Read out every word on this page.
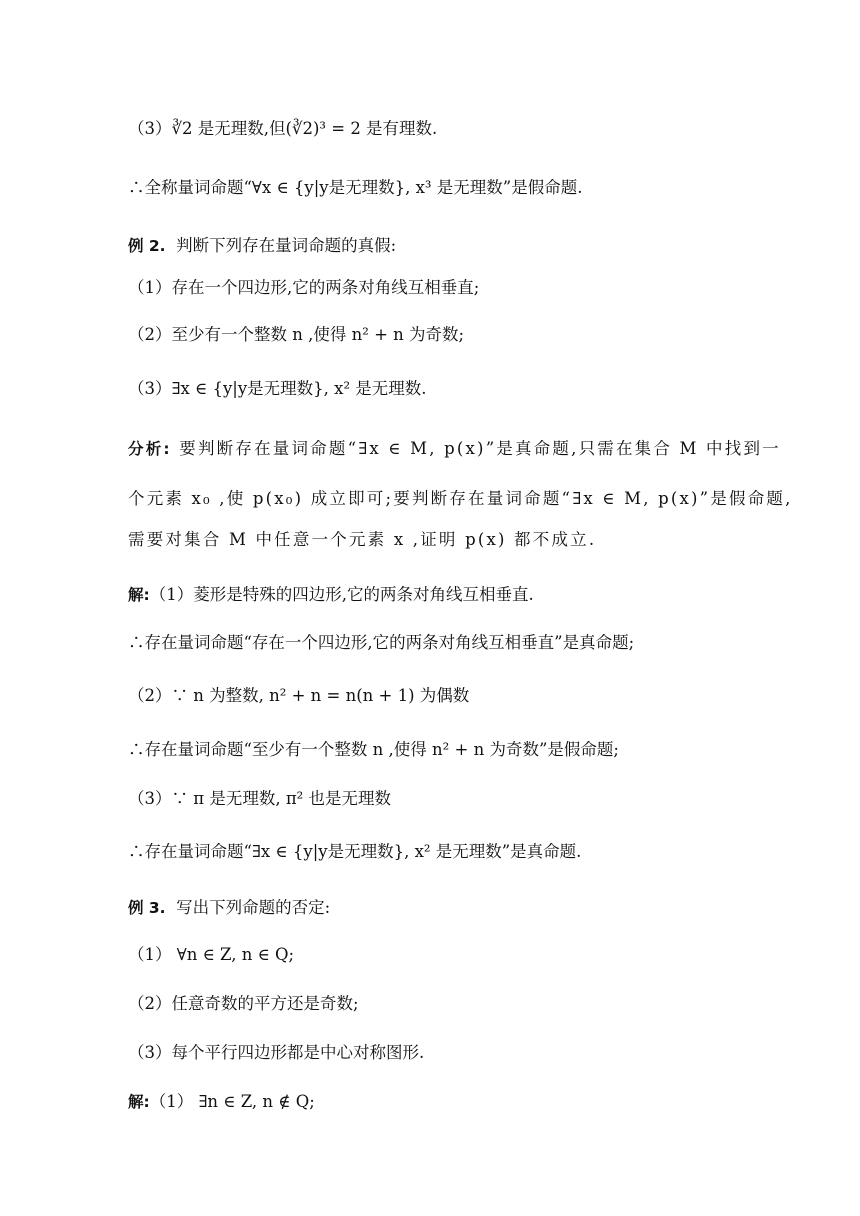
（3）∛2 是无理数,但(∛2)³ = 2 是有理数.
∴全称量词命题“∀x ∈ {y|y是无理数}, x³ 是无理数”是假命题.
例 2. 判断下列存在量词命题的真假:
（1）存在一个四边形,它的两条对角线互相垂直;
（2）至少有一个整数 n ,使得 n² + n 为奇数;
（3）∃x ∈ {y|y是无理数}, x² 是无理数.
分析: 要判断存在量词命题“∃x ∈ M, p(x)”是真命题,只需在集合 M 中找到一
个元素 x₀ ,使 p(x₀) 成立即可;要判断存在量词命题“∃x ∈ M, p(x)”是假命题,
需要对集合 M 中任意一个元素 x ,证明 p(x) 都不成立.
解:（1）菱形是特殊的四边形,它的两条对角线互相垂直.
∴存在量词命题“存在一个四边形,它的两条对角线互相垂直”是真命题;
（2）∵ n 为整数, n² + n = n(n + 1) 为偶数
∴存在量词命题“至少有一个整数 n ,使得 n² + n 为奇数”是假命题;
（3）∵ π 是无理数, π² 也是无理数
∴存在量词命题“∃x ∈ {y|y是无理数}, x² 是无理数”是真命题.
例 3. 写出下列命题的否定:
（1） ∀n ∈ Z, n ∈ Q;
（2）任意奇数的平方还是奇数;
（3）每个平行四边形都是中心对称图形.
解:（1） ∃n ∈ Z, n ∉ Q;
